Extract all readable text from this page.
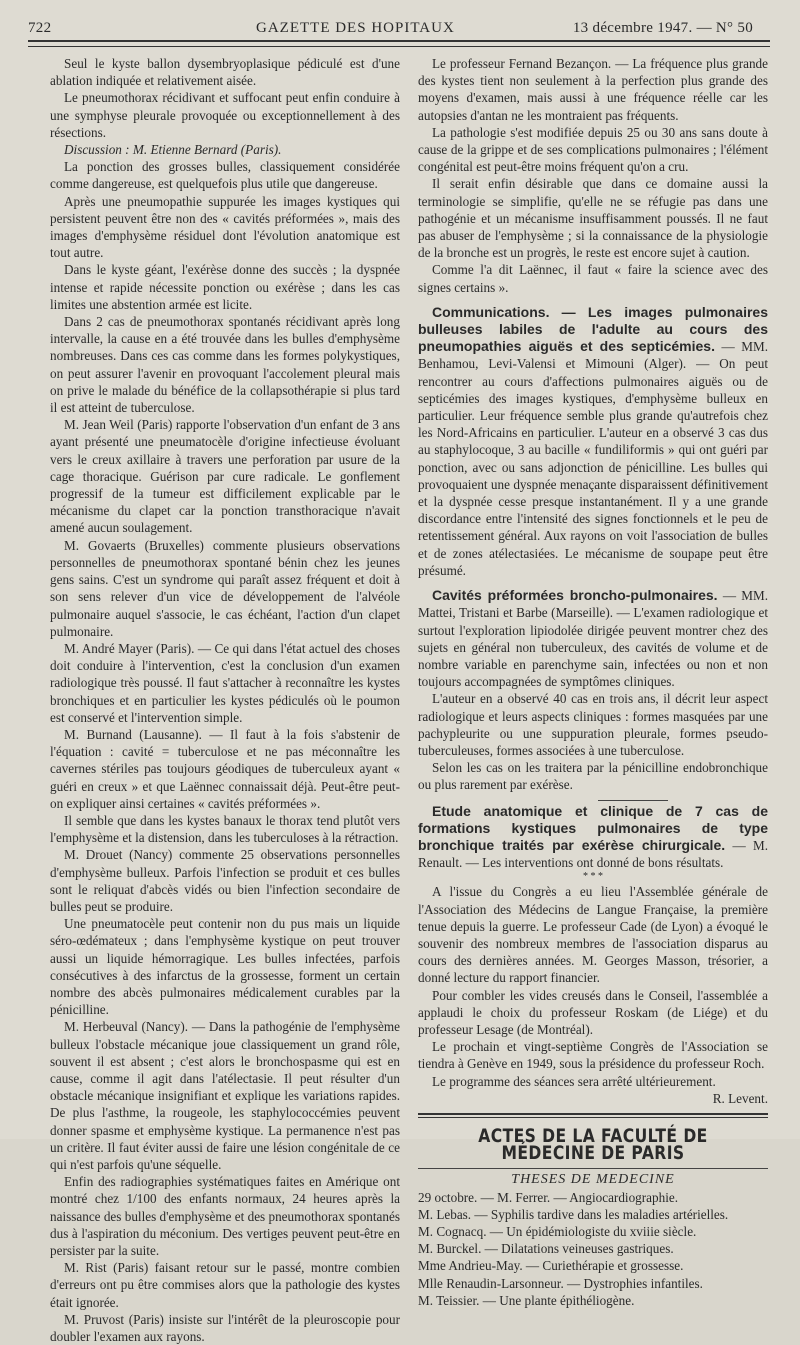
722	GAZETTE DES HOPITAUX	13 décembre 1947. — N° 50

Seul le kyste ballon dysembryoplasique pédiculé est d'une ablation indiquée et relativement aisée.

Le pneumothorax récidivant et suffocant peut enfin conduire à une symphyse pleurale provoquée ou exceptionnellement à des résections.

Discussion : M. Etienne Bernard (Paris).

La ponction des grosses bulles, classiquement considérée comme dangereuse, est quelquefois plus utile que dangereuse.

Après une pneumopathie suppurée les images kystiques qui persistent peuvent être non des « cavités préformées », mais des images d'emphysème résiduel dont l'évolution anatomique est tout autre.

Dans le kyste géant, l'exérèse donne des succès ; la dyspnée intense et rapide nécessite ponction ou exérèse ; dans les cas limites une abstention armée est licite.

Dans 2 cas de pneumothorax spontanés récidivant après long intervalle, la cause en a été trouvée dans les bulles d'emphysème nombreuses. Dans ces cas comme dans les formes polykystiques, on peut assurer l'avenir en provoquant l'accolement pleural mais on prive le malade du bénéfice de la collapsothérapie si plus tard il est atteint de tuberculose.

M. Jean Weil (Paris) rapporte l'observation d'un enfant de 3 ans ayant présenté une pneumatocèle d'origine infectieuse évoluant vers le creux axillaire à travers une perforation par usure de la cage thoracique. Guérison par cure radicale. Le gonflement progressif de la tumeur est difficilement explicable par le mécanisme du clapet car la ponction transthoracique n'avait amené aucun soulagement.

M. Govaerts (Bruxelles) commente plusieurs observations personnelles de pneumothorax spontané bénin chez les jeunes gens sains. C'est un syndrome qui paraît assez fréquent et doit à son sens relever d'un vice de développement de l'alvéole pulmonaire auquel s'associe, le cas échéant, l'action d'un clapet pulmonaire.

M. André Mayer (Paris). — Ce qui dans l'état actuel des choses doit conduire à l'intervention, c'est la conclusion d'un examen radiologique très poussé. Il faut s'attacher à reconnaître les kystes bronchiques et en particulier les kystes pédiculés où le poumon est conservé et l'intervention simple.

M. Burnand (Lausanne). — Il faut à la fois s'abstenir de l'équation : cavité = tuberculose et ne pas méconnaître les cavernes stériles pas toujours géodiques de tuberculeux ayant « guéri en creux » et que Laënnec connaissait déjà. Peut-être peut-on expliquer ainsi certaines « cavités préformées ».

Il semble que dans les kystes banaux le thorax tend plutôt vers l'emphysème et la distension, dans les tuberculoses à la rétraction.

M. Drouet (Nancy) commente 25 observations personnelles d'emphysème bulleux. Parfois l'infection se produit et ces bulles sont le reliquat d'abcès vidés ou bien l'infection secondaire de bulles peut se produire.

Une pneumatocèle peut contenir non du pus mais un liquide séro-œdémateux ; dans l'emphysème kystique on peut trouver aussi un liquide hémorragique. Les bulles infectées, parfois consécutives à des infarctus de la grossesse, forment un certain nombre des abcès pulmonaires médicalement curables par la pénicilline.

M. Herbeuval (Nancy). — Dans la pathogénie de l'emphysème bulleux l'obstacle mécanique joue classiquement un grand rôle, souvent il est absent ; c'est alors le bronchospasme qui est en cause, comme il agit dans l'atélectasie. Il peut résulter d'un obstacle mécanique insignifiant et explique les variations rapides. De plus l'asthme, la rougeole, les staphylococcémies peuvent donner spasme et emphysème kystique. La permanence n'est pas un critère. Il faut éviter aussi de faire une lésion congénitale de ce qui n'est parfois qu'une séquelle.

Enfin des radiographies systématiques faites en Amérique ont montré chez 1/100 des enfants normaux, 24 heures après la naissance des bulles d'emphysème et des pneumothorax spontanés dus à l'aspiration du méconium. Des vertiges peuvent peut-être en persister par la suite.

M. Rist (Paris) faisant retour sur le passé, montre combien d'erreurs ont pu être commises alors que la pathologie des kystes était ignorée.

M. Pruvost (Paris) insiste sur l'intérêt de la pleuroscopie pour doubler l'examen aux rayons.

Le professeur Fernand Bezançon. — La fréquence plus grande des kystes tient non seulement à la perfection plus grande des moyens d'examen, mais aussi à une fréquence réelle car les autopsies d'antan ne les montraient pas fréquents.

La pathologie s'est modifiée depuis 25 ou 30 ans sans doute à cause de la grippe et de ses complications pulmonaires ; l'élément congénital est peut-être moins fréquent qu'on a cru.

Il serait enfin désirable que dans ce domaine aussi la terminologie se simplifie, qu'elle ne se réfugie pas dans une pathogénie et un mécanisme insuffisamment poussés. Il ne faut pas abuser de l'emphysème ; si la connaissance de la physiologie de la bronche est un progrès, le reste est encore sujet à caution.

Comme l'a dit Laënnec, il faut « faire la science avec des signes certains ».

Communications. — Les images pulmonaires bulleuses labiles de l'adulte au cours des pneumopathies aiguës et des septicémies. — MM. Benhamou, Levi-Valensi et Mimouni (Alger). — On peut rencontrer au cours d'affections pulmonaires aiguës ou de septicémies des images kystiques, d'emphysème bulleux en particulier. Leur fréquence semble plus grande qu'autrefois chez les Nord-Africains en particulier. L'auteur en a observé 3 cas dus au staphylocoque, 3 au bacille « fundiliformis » qui ont guéri par ponction, avec ou sans adjonction de pénicilline. Les bulles qui provoquaient une dyspnée menaçante disparaissent définitivement et la dyspnée cesse presque instantanément. Il y a une grande discordance entre l'intensité des signes fonctionnels et le peu de retentissement général. Aux rayons on voit l'association de bulles et de zones atélectasiées. Le mécanisme de soupape peut être présumé.

Cavités préformées broncho-pulmonaires. — MM. Mattei, Tristani et Barbe (Marseille). — L'examen radiologique et surtout l'exploration lipiodolée dirigée peuvent montrer chez des sujets en général non tuberculeux, des cavités de volume et de nombre variable en parenchyme sain, infectées ou non et non toujours accompagnées de symptômes cliniques.

L'auteur en a observé 40 cas en trois ans, il décrit leur aspect radiologique et leurs aspects cliniques : formes masquées par une pachypleurite ou une suppuration pleurale, formes pseudo-tuberculeuses, formes associées à une tuberculose.

Selon les cas on les traitera par la pénicilline endobronchique ou plus rarement par exérèse.

Etude anatomique et clinique de 7 cas de formations kystiques pulmonaires de type bronchique traités par exérèse chirurgicale. — M. Renault. — Les interventions ont donné de bons résultats.

* * *

A l'issue du Congrès a eu lieu l'Assemblée générale de l'Association des Médecins de Langue Française, la première tenue depuis la guerre. Le professeur Cade (de Lyon) a évoqué le souvenir des nombreux membres de l'association disparus au cours des dernières années. M. Georges Masson, trésorier, a donné lecture du rapport financier.

Pour combler les vides creusés dans le Conseil, l'assemblée a applaudi le choix du professeur Roskam (de Liége) et du professeur Lesage (de Montréal).

Le prochain et vingt-septième Congrès de l'Association se tiendra à Genève en 1949, sous la présidence du professeur Roch.

Le programme des séances sera arrêté ultérieurement.

R. Levent.

ACTES DE LA FACULTÉ DE MÉDECINE DE PARIS

THESES DE MEDECINE

29 octobre. — M. Ferrer. — Angiocardiographie.

M. Lebas. — Syphilis tardive dans les maladies artérielles.

M. Cognacq. — Un épidémiologiste du xviiie siècle.

M. Burckel. — Dilatations veineuses gastriques.

Mme Andrieu-May. — Curiethérapie et grossesse.

Mlle Renaudin-Larsonneur. — Dystrophies infantiles.

M. Teissier. — Une plante épithéliogène.
